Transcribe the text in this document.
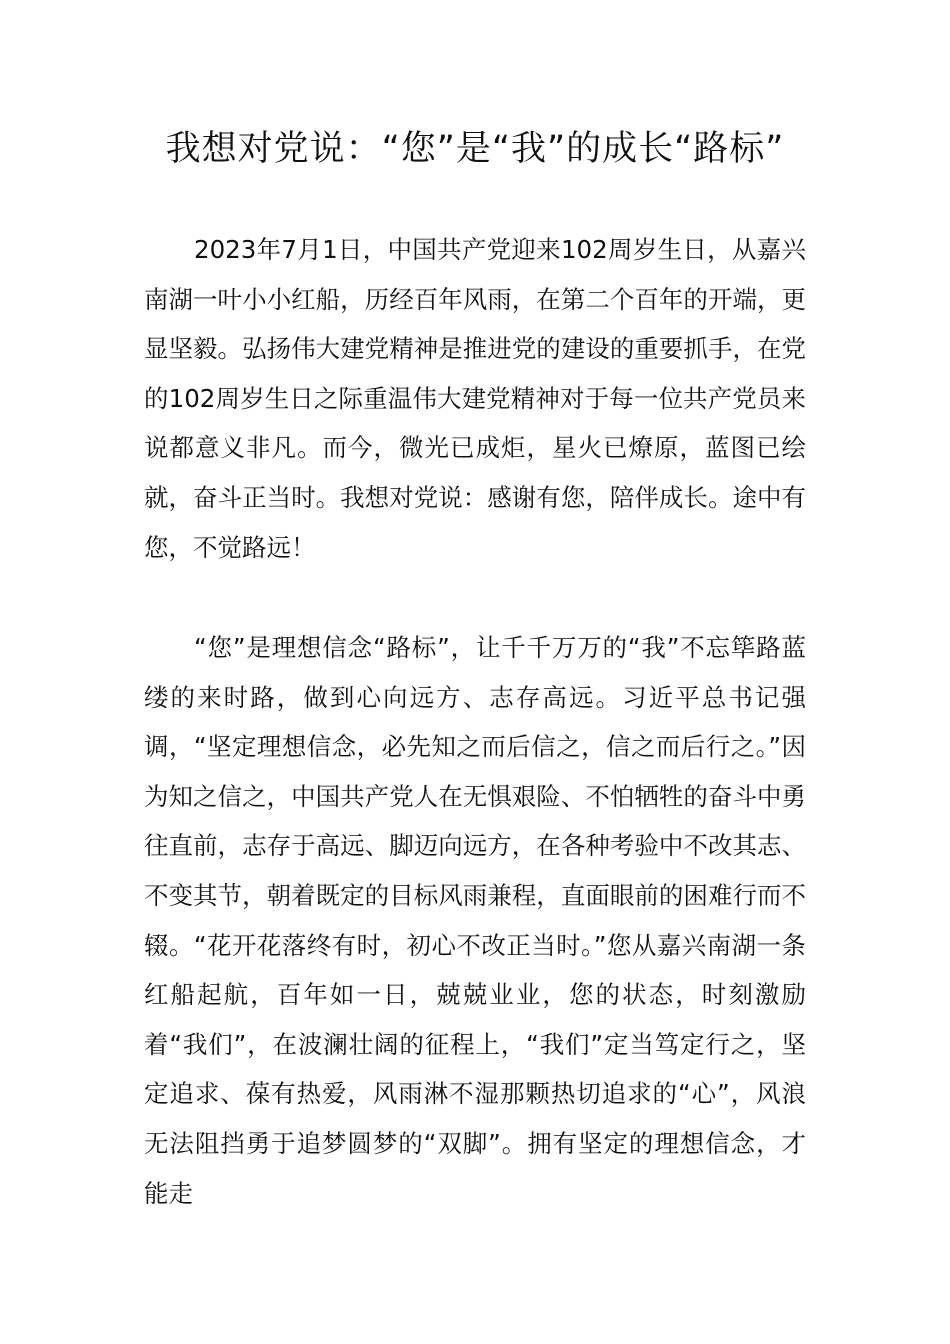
我想对党说：“您”是“我”的成长“路标”

2023年7月1日，中国共产党迎来102周岁生日，从嘉兴南湖一叶小小红船，历经百年风雨，在第二个百年的开端，更显坚毅。弘扬伟大建党精神是推进党的建设的重要抓手，在党的102周岁生日之际重温伟大建党精神对于每一位共产党员来说都意义非凡。而今，微光已成炬，星火已燎原，蓝图已绘就，奋斗正当时。我想对党说：感谢有您，陪伴成长。途中有您，不觉路远！

“您”是理想信念“路标”，让千千万万的“我”不忘筚路蓝缕的来时路，做到心向远方、志存高远。习近平总书记强调，“坚定理想信念，必先知之而后信之，信之而后行之。”因为知之信之，中国共产党人在无惧艰险、不怕牺牲的奋斗中勇往直前，志存于高远、脚迈向远方，在各种考验中不改其志、不变其节，朝着既定的目标风雨兼程，直面眼前的困难行而不辍。“花开花落终有时，初心不改正当时。”您从嘉兴南湖一条红船起航，百年如一日，兢兢业业，您的状态，时刻激励着“我们”，在波澜壮阔的征程上，“我们”定当笃定行之，坚定追求、葆有热爱，风雨淋不湿那颗热切追求的“心”，风浪无法阻挡勇于追梦圆梦的“双脚”。拥有坚定的理想信念，才能走
